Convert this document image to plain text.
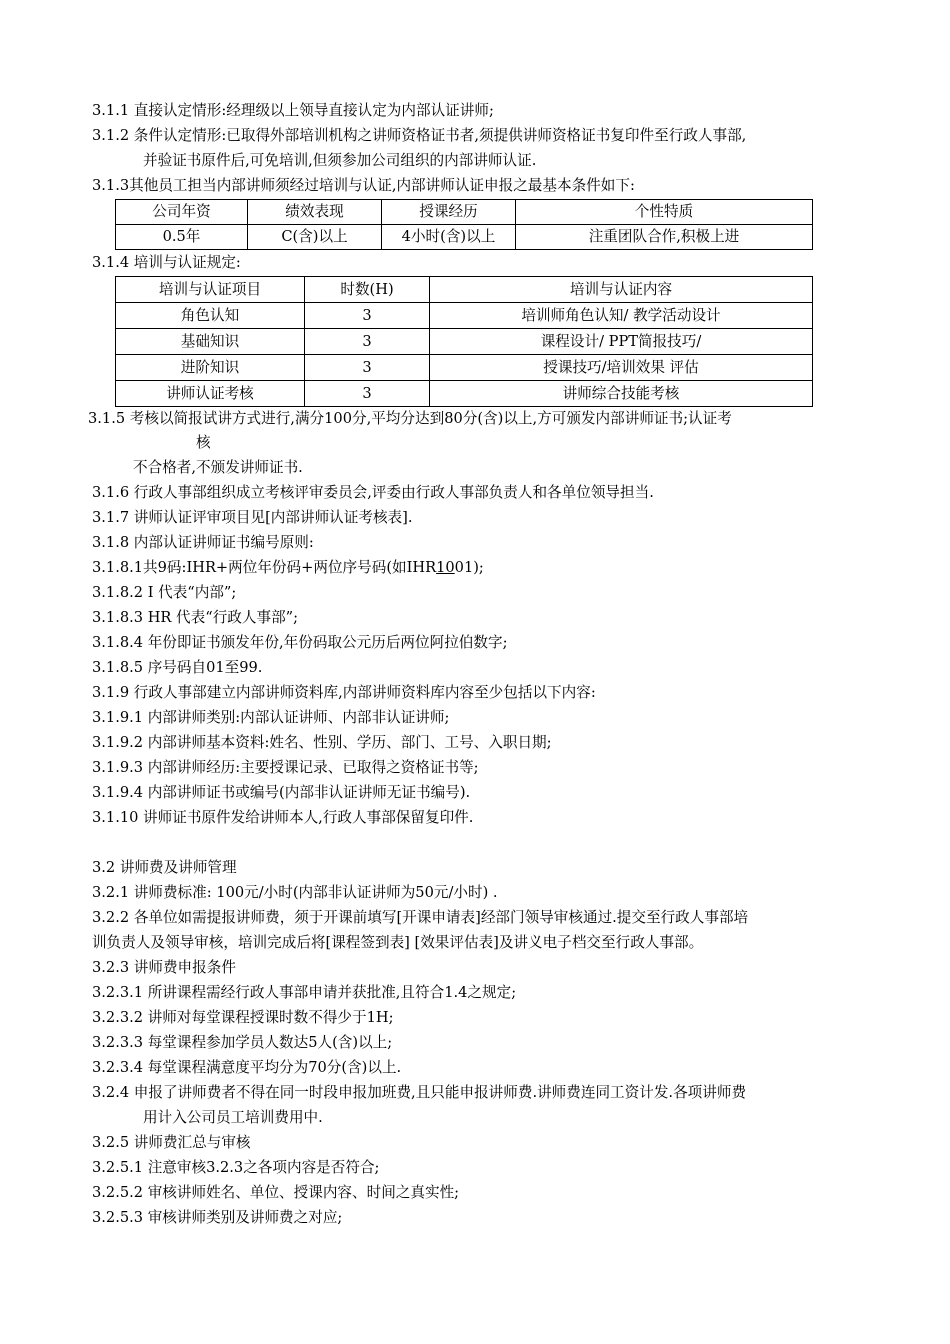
3.1.1 直接认定情形:经理级以上领导直接认定为内部认证讲师;
3.1.2 条件认定情形:已取得外部培训机构之讲师资格证书者,须提供讲师资格证书复印件至行政人事部,
并验证书原件后,可免培训,但须参加公司组织的内部讲师认证.
3.1.3其他员工担当内部讲师须经过培训与认证,内部讲师认证申报之最基本条件如下:
公司年资	绩效表现	授课经历	个性特质
0.5年	C(含)以上	4小时(含)以上	注重团队合作,积极上进
3.1.4 培训与认证规定:
培训与认证项目	时数(H)	培训与认证内容
角色认知	3	培训师角色认知/ 教学活动设计
基础知识	3	课程设计/ PPT简报技巧/
进阶知识	3	授课技巧/培训效果 评估
讲师认证考核	3	讲师综合技能考核
3.1.5 考核以简报试讲方式进行,满分100分,平均分达到80分(含)以上,方可颁发内部讲师证书;认证考
核
不合格者,不颁发讲师证书.
3.1.6 行政人事部组织成立考核评审委员会,评委由行政人事部负责人和各单位领导担当.
3.1.7 讲师认证评审项目见[内部讲师认证考核表].
3.1.8 内部认证讲师证书编号原则:
3.1.8.1共9码:IHR+两位年份码+两位序号码(如IHR1001);
3.1.8.2 I 代表“内部”;
3.1.8.3 HR 代表“行政人事部”;
3.1.8.4 年份即证书颁发年份,年份码取公元历后两位阿拉伯数字;
3.1.8.5 序号码自01至99.
3.1.9 行政人事部建立内部讲师资料库,内部讲师资料库内容至少包括以下内容:
3.1.9.1 内部讲师类别:内部认证讲师、内部非认证讲师;
3.1.9.2 内部讲师基本资料:姓名、性别、学历、部门、工号、入职日期;
3.1.9.3 内部讲师经历:主要授课记录、已取得之资格证书等;
3.1.9.4 内部讲师证书或编号(内部非认证讲师无证书编号).
3.1.10 讲师证书原件发给讲师本人,行政人事部保留复印件.
3.2 讲师费及讲师管理
3.2.1 讲师费标准: 100元/小时(内部非认证讲师为50元/小时) .
3.2.2 各单位如需提报讲师费，须于开课前填写[开课申请表]经部门领导审核通过.提交至行政人事部培
训负责人及领导审核，培训完成后将[课程签到表] [效果评估表]及讲义电子档交至行政人事部。
3.2.3 讲师费申报条件
3.2.3.1 所讲课程需经行政人事部申请并获批准,且符合1.4之规定;
3.2.3.2 讲师对每堂课程授课时数不得少于1H;
3.2.3.3 每堂课程参加学员人数达5人(含)以上;
3.2.3.4 每堂课程满意度平均分为70分(含)以上.
3.2.4 申报了讲师费者不得在同一时段申报加班费,且只能申报讲师费.讲师费连同工资计发.各项讲师费
用计入公司员工培训费用中.
3.2.5 讲师费汇总与审核
3.2.5.1 注意审核3.2.3之各项内容是否符合;
3.2.5.2 审核讲师姓名、单位、授课内容、时间之真实性;
3.2.5.3 审核讲师类别及讲师费之对应;
